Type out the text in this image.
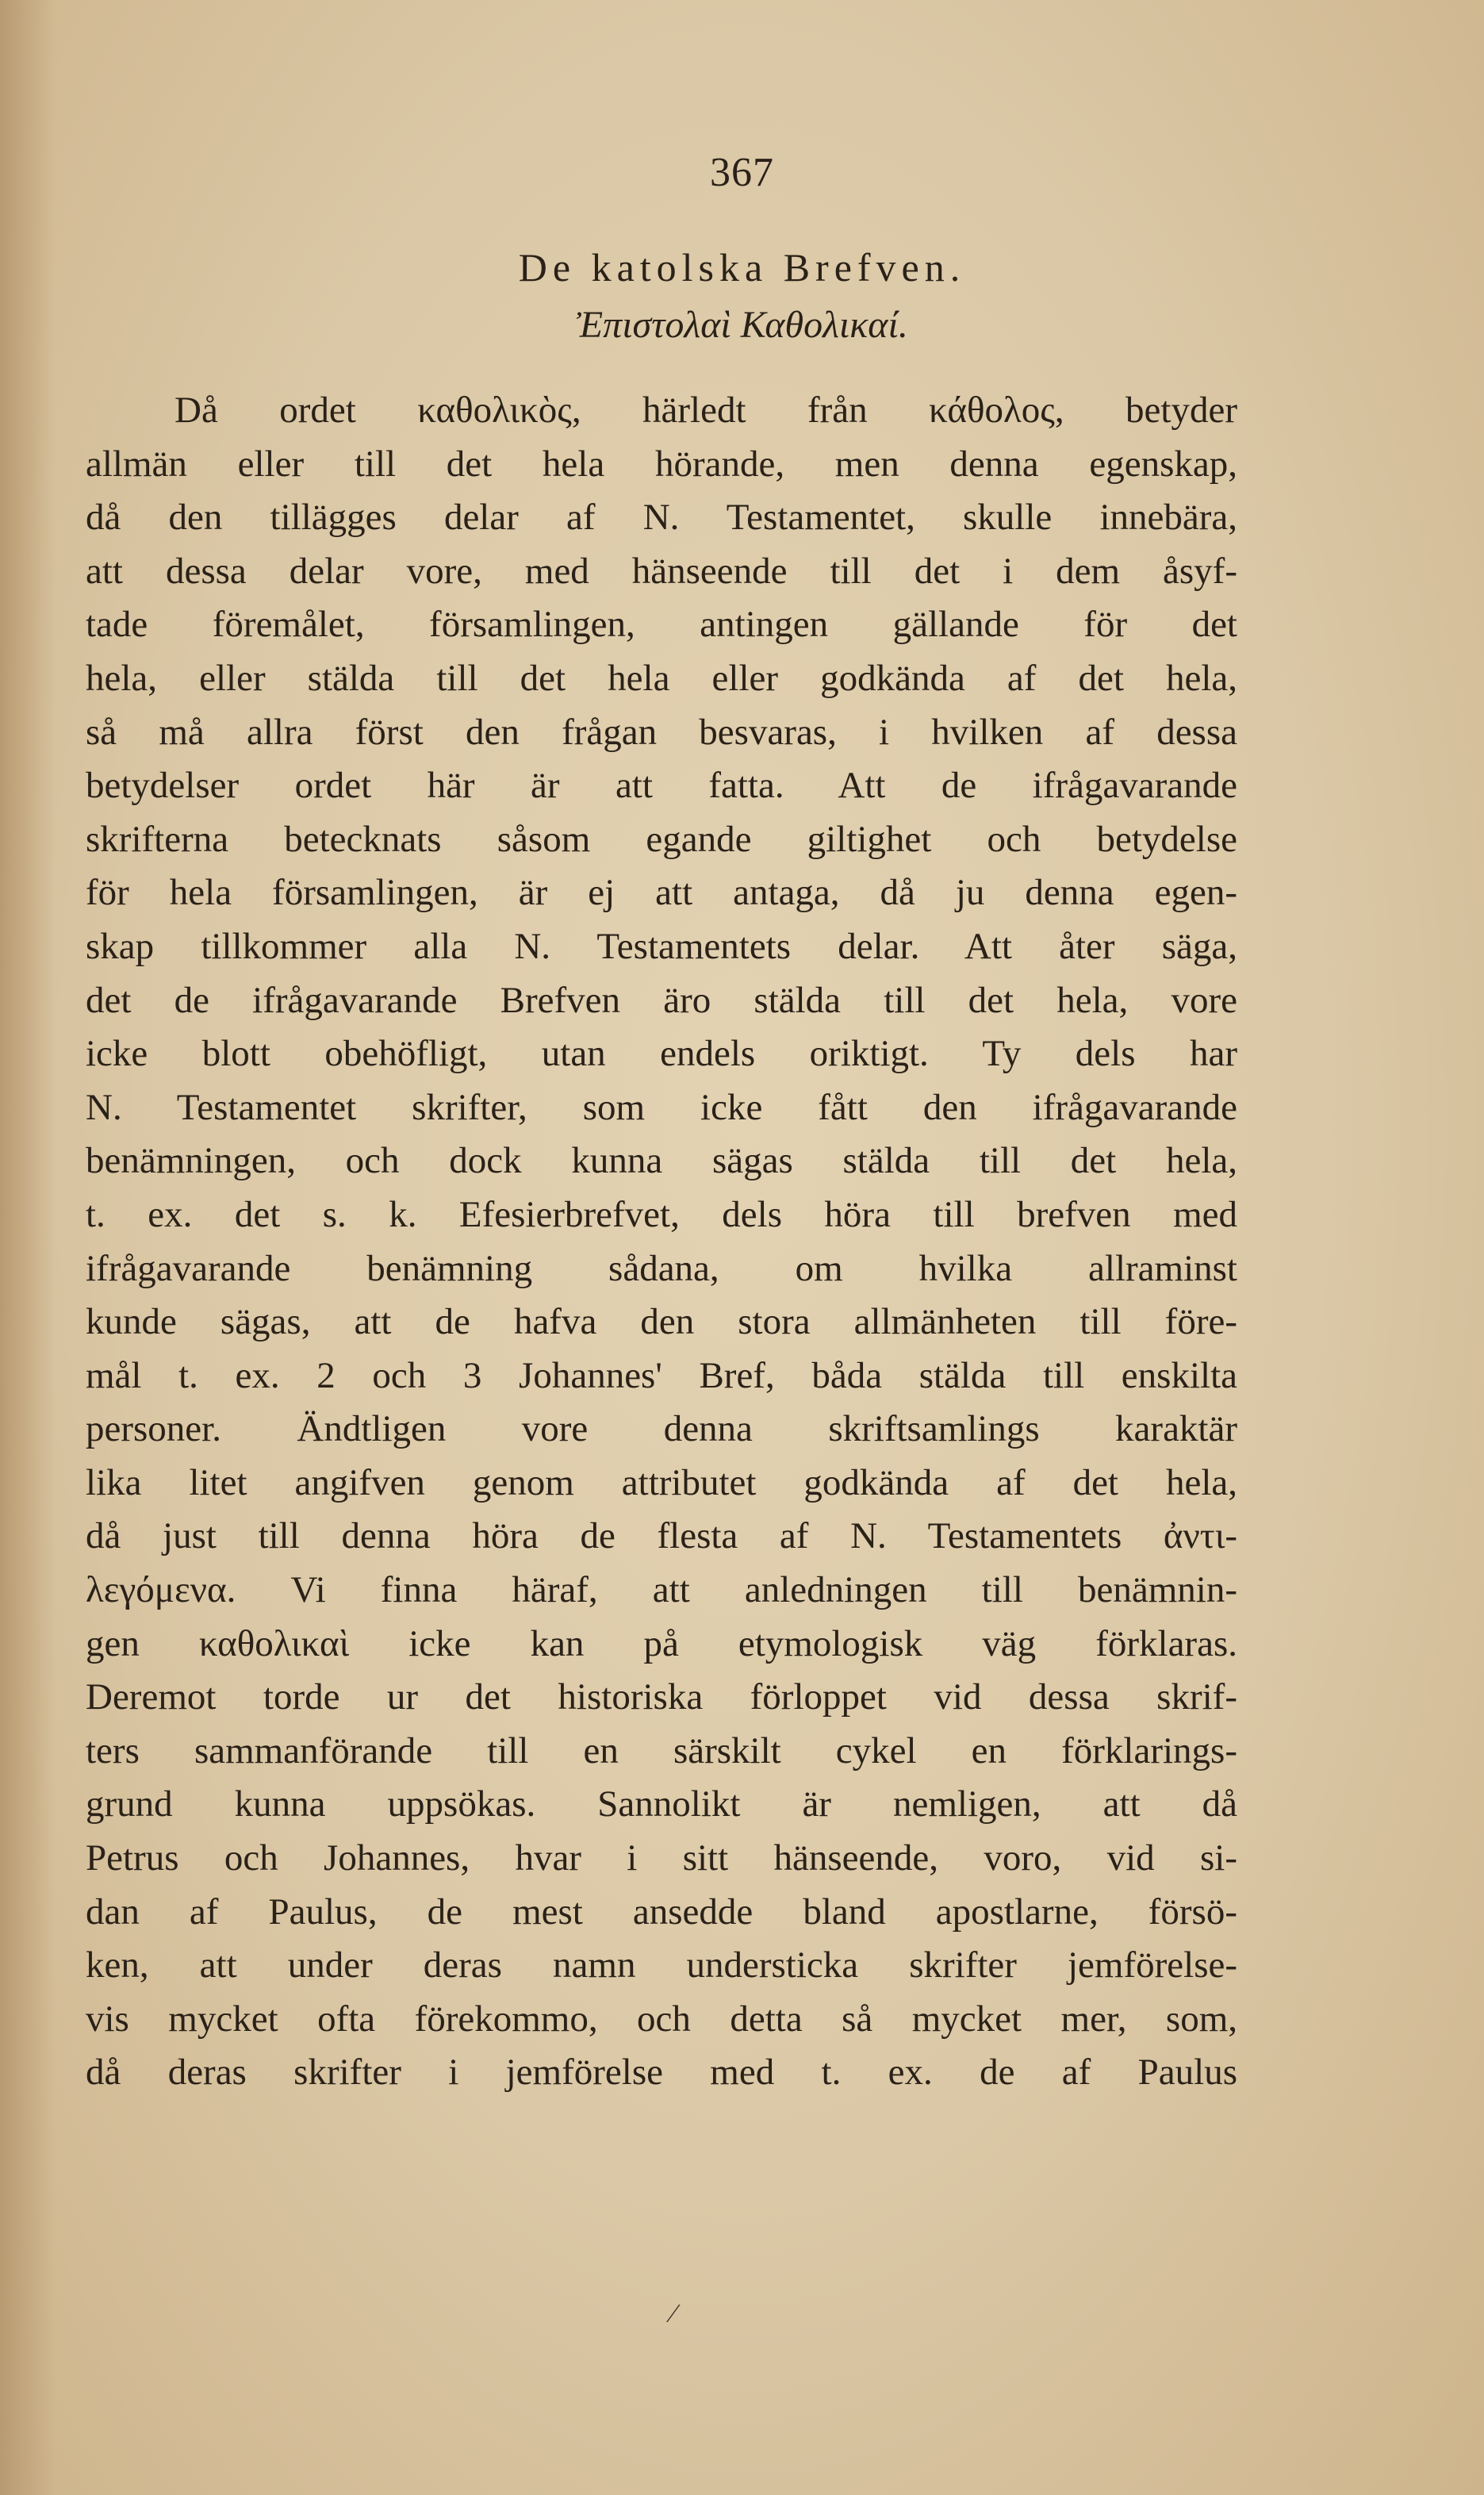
367
De katolska Brefven.
Ἐπιστολαὶ Καθολικαί.
Då ordet καθολικὸς, härledt från κάθολος, betyder
allmän eller till det hela hörande, men denna egenskap,
då den tillägges delar af N. Testamentet, skulle innebära,
att dessa delar vore, med hänseende till det i dem åsyf-
tade föremålet, församlingen, antingen gällande för det
hela, eller stälda till det hela eller godkända af det hela,
så må allra först den frågan besvaras, i hvilken af dessa
betydelser ordet här är att fatta. Att de ifrågavarande
skrifterna betecknats såsom egande giltighet och betydelse
för hela församlingen, är ej att antaga, då ju denna egen-
skap tillkommer alla N. Testamentets delar. Att åter säga,
det de ifrågavarande Brefven äro stälda till det hela, vore
icke blott obehöfligt, utan endels oriktigt. Ty dels har
N. Testamentet skrifter, som icke fått den ifrågavarande
benämningen, och dock kunna sägas stälda till det hela,
t. ex. det s. k. Efesierbrefvet, dels höra till brefven med
ifrågavarande benämning sådana, om hvilka allraminst
kunde sägas, att de hafva den stora allmänheten till före-
mål t. ex. 2 och 3 Johannes' Bref, båda stälda till enskilta
personer. Ändtligen vore denna skriftsamlings karaktär
lika litet angifven genom attributet godkända af det hela,
då just till denna höra de flesta af N. Testamentets ἀντι-
λεγόμενα. Vi finna häraf, att anledningen till benämnin-
gen καθολικαὶ icke kan på etymologisk väg förklaras.
Deremot torde ur det historiska förloppet vid dessa skrif-
ters sammanförande till en särskilt cykel en förklarings-
grund kunna uppsökas. Sannolikt är nemligen, att då
Petrus och Johannes, hvar i sitt hänseende, voro, vid si-
dan af Paulus, de mest ansedde bland apostlarne, försö-
ken, att under deras namn understicka skrifter jemförelse-
vis mycket ofta förekommo, och detta så mycket mer, som,
då deras skrifter i jemförelse med t. ex. de af Paulus
⁄
